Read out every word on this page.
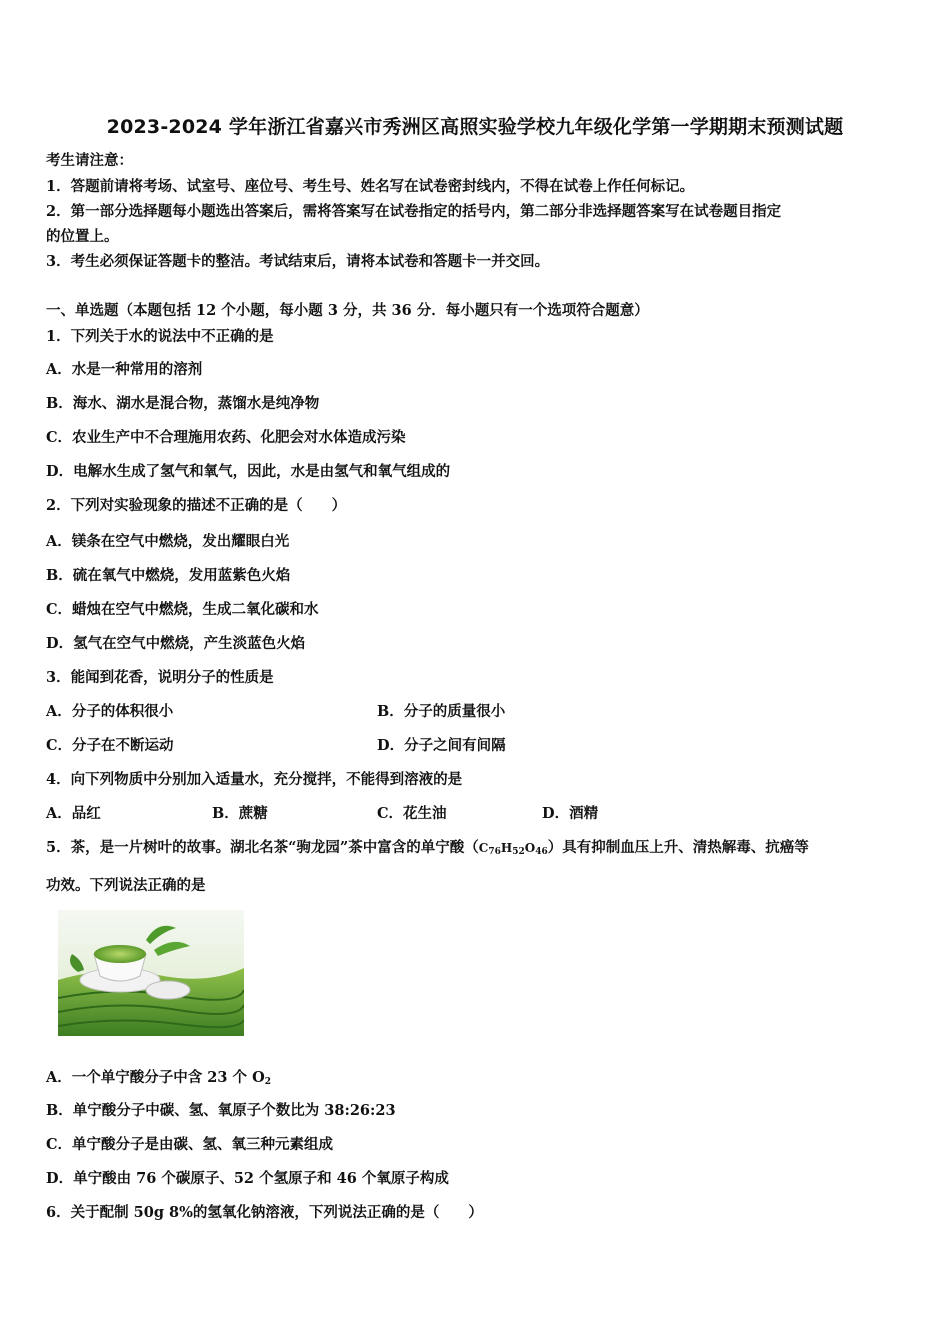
2023-2024 学年浙江省嘉兴市秀洲区高照实验学校九年级化学第一学期期末预测试题
考生请注意：
1．答题前请将考场、试室号、座位号、考生号、姓名写在试卷密封线内，不得在试卷上作任何标记。
2．第一部分选择题每小题选出答案后，需将答案写在试卷指定的括号内，第二部分非选择题答案写在试卷题目指定
的位置上。
3．考生必须保证答题卡的整洁。考试结束后，请将本试卷和答题卡一并交回。
一、单选题（本题包括 12 个小题，每小题 3 分，共 36 分．每小题只有一个选项符合题意）
1．下列关于水的说法中不正确的是
A．水是一种常用的溶剂
B．海水、湖水是混合物，蒸馏水是纯净物
C．农业生产中不合理施用农药、化肥会对水体造成污染
D．电解水生成了氢气和氧气，因此，水是由氢气和氧气组成的
2．下列对实验现象的描述不正确的是（　　）
A．镁条在空气中燃烧，发出耀眼白光
B．硫在氧气中燃烧，发用蓝紫色火焰
C．蜡烛在空气中燃烧，生成二氧化碳和水
D．氢气在空气中燃烧，产生淡蓝色火焰
3．能闻到花香，说明分子的性质是
A．分子的体积很小	B．分子的质量很小
C．分子在不断运动	D．分子之间有间隔
4．向下列物质中分别加入适量水，充分搅拌，不能得到溶液的是
A．品红	B．蔗糖	C．花生油	D．酒精
5．茶，是一片树叶的故事。湖北名茶“驹龙园”茶中富含的单宁酸$(C_{76}H_{52}O_{46})$具有抑制血压上升、清热解毒、抗癌等
功效。下列说法正确的是
A．一个单宁酸分子中含 23 个 $O_2$
B．单宁酸分子中碳、氢、氧原子个数比为 38:26:23
C．单宁酸分子是由碳、氢、氧三种元素组成
D．单宁酸由 76 个碳原子、52 个氢原子和 46 个氧原子构成
6．关于配制 50g 8%的氢氧化钠溶液，下列说法正确的是（　　）
